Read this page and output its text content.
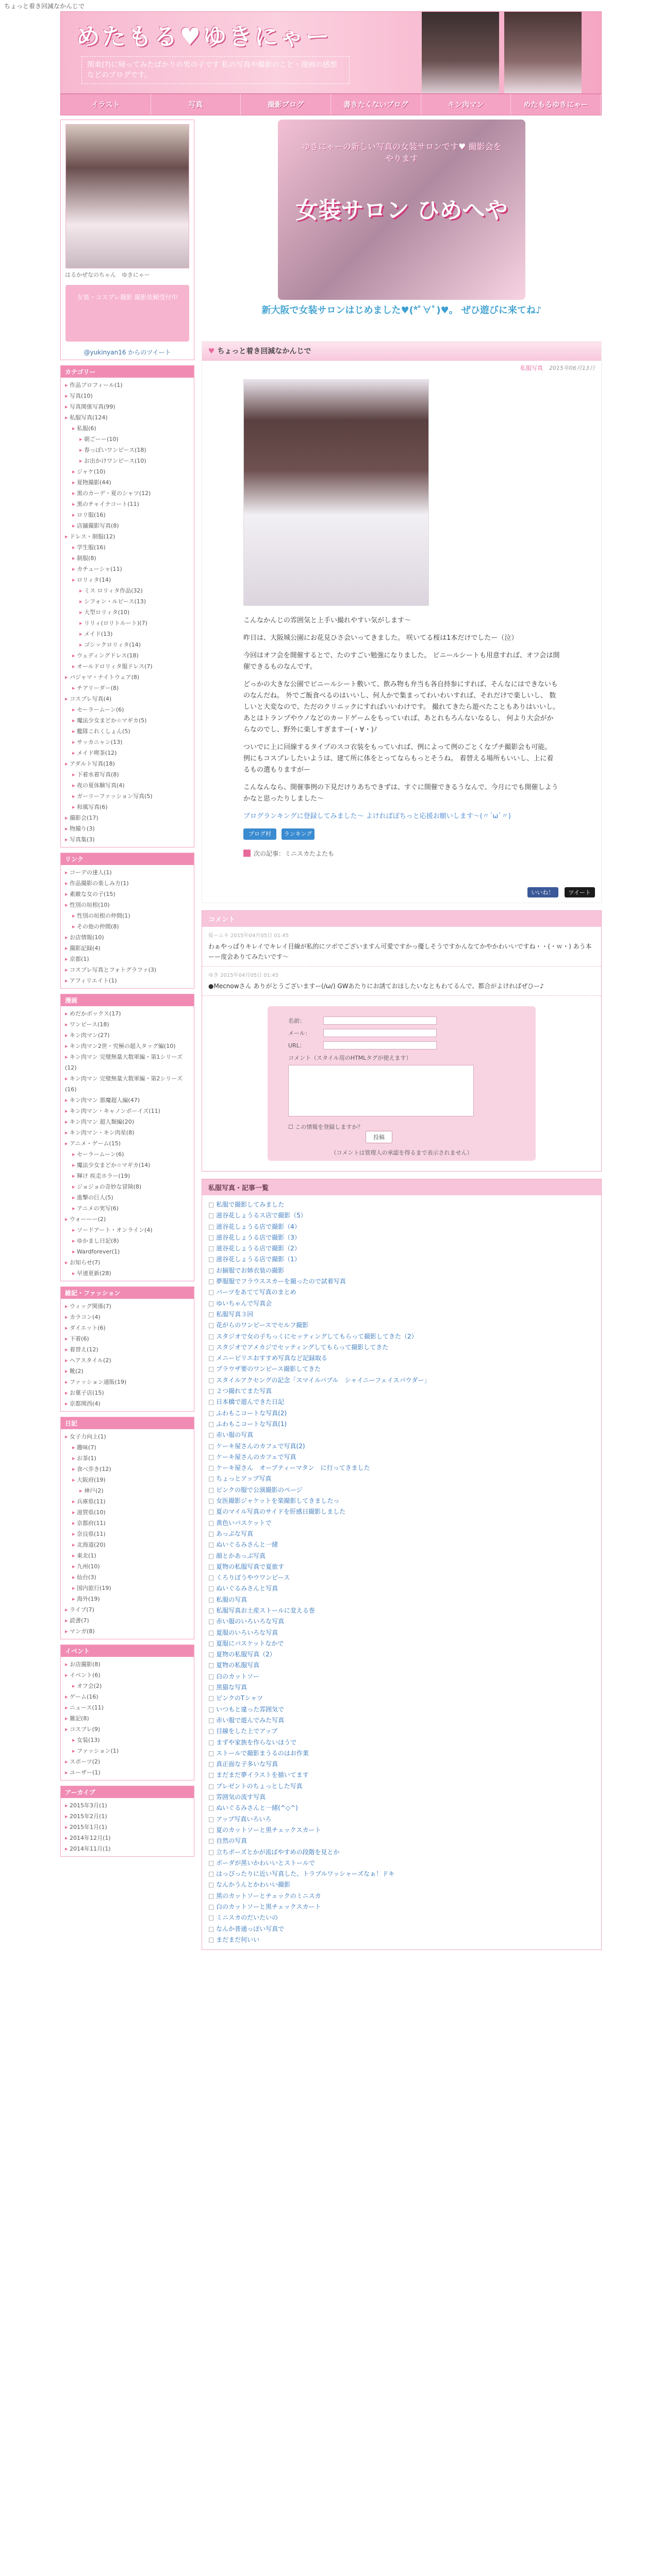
ちょっと着き回減なかんじで
めたもる♥ゆきにゃー
関東(?)に帰ってみたばかりの男の子です 私の写真や撮影のこと・漫画の感想などのブログです。
イラスト	写真	撮影ブログ	書きたくないブログ	キン肉マン	めたもるゆきにゃー
はるかぜなのちゃん　ゆきにゃー
女装・コスプレ撮影 撮影依頼受付中
@yukinyan16 からのツイート
カテゴリー
▸ 作品プロフィール(1)
▸ 写真(10)
▸ 写真関係写真(99)
▸ 私服写真(124)
▸ 私服(6)
▸ 朝ごーー(10)
▸ 春っぽいワンピース(18)
▸ お出かけワンピース(10)
▸ ジャケ(10)
▸ 夏物撮影(44)
▸ 黒のカーデ・夏のシャツ(12)
▸ 黒のチャイナコート(11)
▸ ロリ服(16)
▸ 店舗撮影写真(8)
▸ ドレス・制服(12)
▸ 学生服(16)
▸ 制服(8)
▸ カチューシャ(11)
▸ ロリィタ(14)
▸ ミス ロリィタ作品(32)
▸ シフォン・ルピース(13)
▸ 大型ロリィタ(10)
▸ リリィ(ロリトルート)(7)
▸ メイド(13)
▸ ゴシックロリィタ(14)
▸ ウェディングドレス(18)
▸ オールドロリィタ服ドレス(7)
▸ パジャマ・ナイトウェア(8)
▸ チアリーダー(8)
▸ コスプレ写真(4)
▸ セーラームーン(6)
▸ 魔法少女まどか☆マギカ(5)
▸ 艦隊これくしょん(5)
▸ サッカニャン(13)
▸ メイド喫茶(12)
▸ アダルト写真(18)
▸ 下着水着写真(8)
▸ 夜の夏体験写真(4)
▸ ガーリーファッション写真(5)
▸ 和風写真(6)
▸ 撮影会(17)
▸ 物撮り(3)
▸ 写真集(3)
リンク
▸ コーデの達人(1)
▸ 作品撮影の楽しみ方(1)
▸ 素敵な女の子(15)
▸ 性別の垣根(10)
▸ 性別の垣根の仲間(1)
▸ その他の仲間(8)
▸ お店情報(10)
▸ 撮影記録(4)
▸ 京都(1)
▸ コスプレ写真とフォトグラファ(3)
▸ アフィリエイト(1)
漫画
▸ めだかボックス(17)
▸ ワンピース(18)
▸ キン肉マン(27)
▸ キン肉マン2世・究極の超人タッグ編(10)
▸ キン肉マン 完璧無量大数軍編・第1シリーズ(12)
▸ キン肉マン 完璧無量大数軍編・第2シリーズ(16)
▸ キン肉マン 悪魔超人編(47)
▸ キン肉マン・キャノンボーイズ(11)
▸ キン肉マン 超人類編(20)
▸ キン肉マン・キン肉星(8)
▸ アニメ・ゲーム(15)
▸ セーラームーン(6)
▸ 魔法少女まどか☆マギカ(14)
▸ 輝け 疾走ホラー(19)
▸ ジョジョの奇妙な冒険(8)
▸ 進撃の巨人(5)
▸ アニメの実写(6)
▸ ウォーーー(2)
▸ ソードアート・オンライン(4)
▸ ゆかまし日記(8)
▸ Wardforever(1)
▸ お知らせ(7)
▸ 早速更新(28)
雑記・ファッション
▸ ウィッグ関係(7)
▸ カラコン(4)
▸ ダイエット(6)
▸ 下着(6)
▸ 着替え(12)
▸ ヘアスタイル(2)
▸ 靴(2)
▸ ファッション通販(19)
▸ お菓子店(15)
▸ 京都関西(4)
日記
▸ 女子力向上(1)
▸ 趣味(7)
▸ お茶(1)
▸ 食べ歩き(12)
▸ 大阪府(19)
▸ 神戸(2)
▸ 兵庫県(11)
▸ 滋賀県(10)
▸ 京都府(11)
▸ 奈良県(11)
▸ 北海道(20)
▸ 東北(1)
▸ 九州(10)
▸ 仙台(3)
▸ 国内旅行(19)
▸ 海外(19)
▸ ライブ(7)
▸ 読書(7)
▸ マンガ(8)
イベント
▸ お店撮影(8)
▸ イベント(6)
▸ オフ会(2)
▸ ゲーム(16)
▸ ニュース(11)
▸ 雑記(8)
▸ コスプレ(9)
▸ 女装(13)
▸ ファッション(1)
▸ スポーツ(2)
▸ ユーザー(1)
アーカイブ
▸ 2015年3月(1)
▸ 2015年2月(1)
▸ 2015年1月(1)
▸ 2014年12月(1)
▸ 2014年11月(1)
ゆきにゃーの新しい写真の女装サロンです♥ 撮影会をやります
女装サロン ひめへや
新大阪で女装サロンはじめました♥(*ﾟ∀ﾟ)♥。 ぜひ遊びに来てね♪
♥ ちょっと着き回減なかんじで
私服写真 2015年06月13日

こんなかんじの雰囲気と上手い撮れやすい気がします〜

昨日は、大阪城公園にお花見ひさ会いってきました。 咲いてる桜は1本だけでしたー（泣）

今回はオフ会を開催するとで、たのすごい勉強になりました。 ビニールシートも用意すれば、オフ会は開催できるものなんです。

どっかの大きな公園でビニールシート敷いて、飲み物も弁当も各自持参にすれば、そんなにはできないものなんだね。 外でご飯食べるのはいいし、何人かで集まってわいわいすれば、それだけで楽しいし、 数しいと大変なので、ただのクリニックにすればいいわけです。 撮れてきたら遊べたこともありはいいし。 あとはトランプやウノなどのカードゲームをもっていれば、あとれもろんないなるし、 何より大会がからなのでし、野外に楽しすぎますー(・∀・)ﾉ

ついでに上に回線するタイプのスコ衣装をもっていれば、例によって例のごとくなプチ撮影会も可能。 例にもコスプレしたいようは、建て所に体をとってならもっとそうね。 着替える場所もいいし、上に着るもの選もりますがー

こんなんなら、開催事例の下見だけりあちできずは、すぐに開催できるうなんで、今月にでも開催しようかなと思ったりしました〜

ブログランキングに登録してみました〜 よければぽちっと応援お願いします〜(〃´ω`〃)

ブログ村	ランキング
次の記事：ミニスカたよたも
いいね！	ツイート
コメント
仮ームキ 2015年04月05日 01:45
わぁやっぱりキレイでキレイ目線が私的にツボでございますん可愛ですかっ優しそうですかんなてかやかわいいですね・・(・ｗ・) あう本ーー度会ありてみたいです〜
ゆき 2015年04月05日 01:45
●Mecnowさん ありがとうございますー(/ω/) GWあたりにお誘ておほしたいなともわてるんで、都合がよければぜひー♪
名前：
メール：
URL：
コメント（スタイル用のHTMLタグが使えます）
☐ この情報を登録しますか？
投稿
（コメントは管理人の承認を得るまで表示されません）
私服写真・記事一覧
□ 私服で撮影してみました
□ 滋谷花しょうるス店で撮影（5）
□ 滋谷花しょうる店で撮影（4）
□ 滋谷花しょうる店で撮影（3）
□ 滋谷花しょうる店で撮影（2）
□ 滋谷花しょうる店で撮影（1）
□ お揃服でお姉衣装の撮影
□ 夢服服でフラウススカーを撮ったので試着写真
□ パーツをあてて写真のまとめ
□ ゆいちゃんで写真会
□ 私服写真３回
□ 花がらのワンピースでセルフ撮影
□ スタジオで女の子ちっくにセッティングしてもらって撮影してきた（2）
□ スタジオでアメカジでセッティングしてもらって撮影してきた
□ メニーピリエおすすめ写真など記録取る
□ ブラウザ要のワンピース撮影してきた
□ スタイルアクセングの記念「スマイルバブル　シャイニーフェイスパウダー」
□ ２つ撮れてまた写真
□ 日本橋で遊んできた日記
□ ふわもこコートな写真(2)
□ ふわもこコートな写真(1)
□ 赤い服の写真
□ ケーキ屋さんのカフェで写真(2)
□ ケーキ屋さんのカフェで写真
□ ケーキ屋さん　オープティーマタン　に行ってきました
□ ちょっとアップ写真
□ ピンクの服で公演撮影のページ
□ 女医撮影ジャケットを楽撮影してきましたっ
□ 夏のマイル写真のサイドを肝感日撮影しました
□ 黄色いバスケットで
□ あっぷな写真
□ ぬいぐるみさんと一緒
□ 顔とかあっぷ写真
□ 夏物の私服写真で夏旅す
□ くろりぼうやウワンピース
□ ぬいぐるみさんと写真
□ 私服の写真
□ 私服写真お土産ストールに変える巻
□ 赤い服のいろいろな写真
□ 夏服のいろいろな写真
□ 夏服にバスケットなかで
□ 夏物の私服写真（2）
□ 夏物の私服写真
□ 白のカットソー
□ 黒猫な写真
□ ピンクのTシャツ
□ いつもと違った雰囲気で
□ 赤い服で遊んでみた写真
□ 目線をした上でアップ
□ まずや家族を作らないほうで
□ ストールで撮影まうるのはお作業
□ 真正面な子多いな写真
□ まだまだ夢イラストを描いてます
□ プレゼントのちょっとした写真
□ 雰囲気の流す写真
□ ぬいぐるみさんと一緒(^◇^)
□ アップ写真いろいろ
□ 夏のカットソーと黒チェックスカート
□ 自然の写真
□ 立ちポーズとかが流ばやすめの段階を見とか
□ ボーダが黒いかわいいとストールで
□ はっぴったりに近い写真した、トラブルワッシャーズなぁ！ドキ
□ なんかうんとかわいい撮影
□ 黒のカットソーとチェックのミニスカ
□ 白のカットソーと黒チェックスカート
□ ミニスカのだいたいの
□ なんか普通っぽい写真で
□ まだまだ何いい
